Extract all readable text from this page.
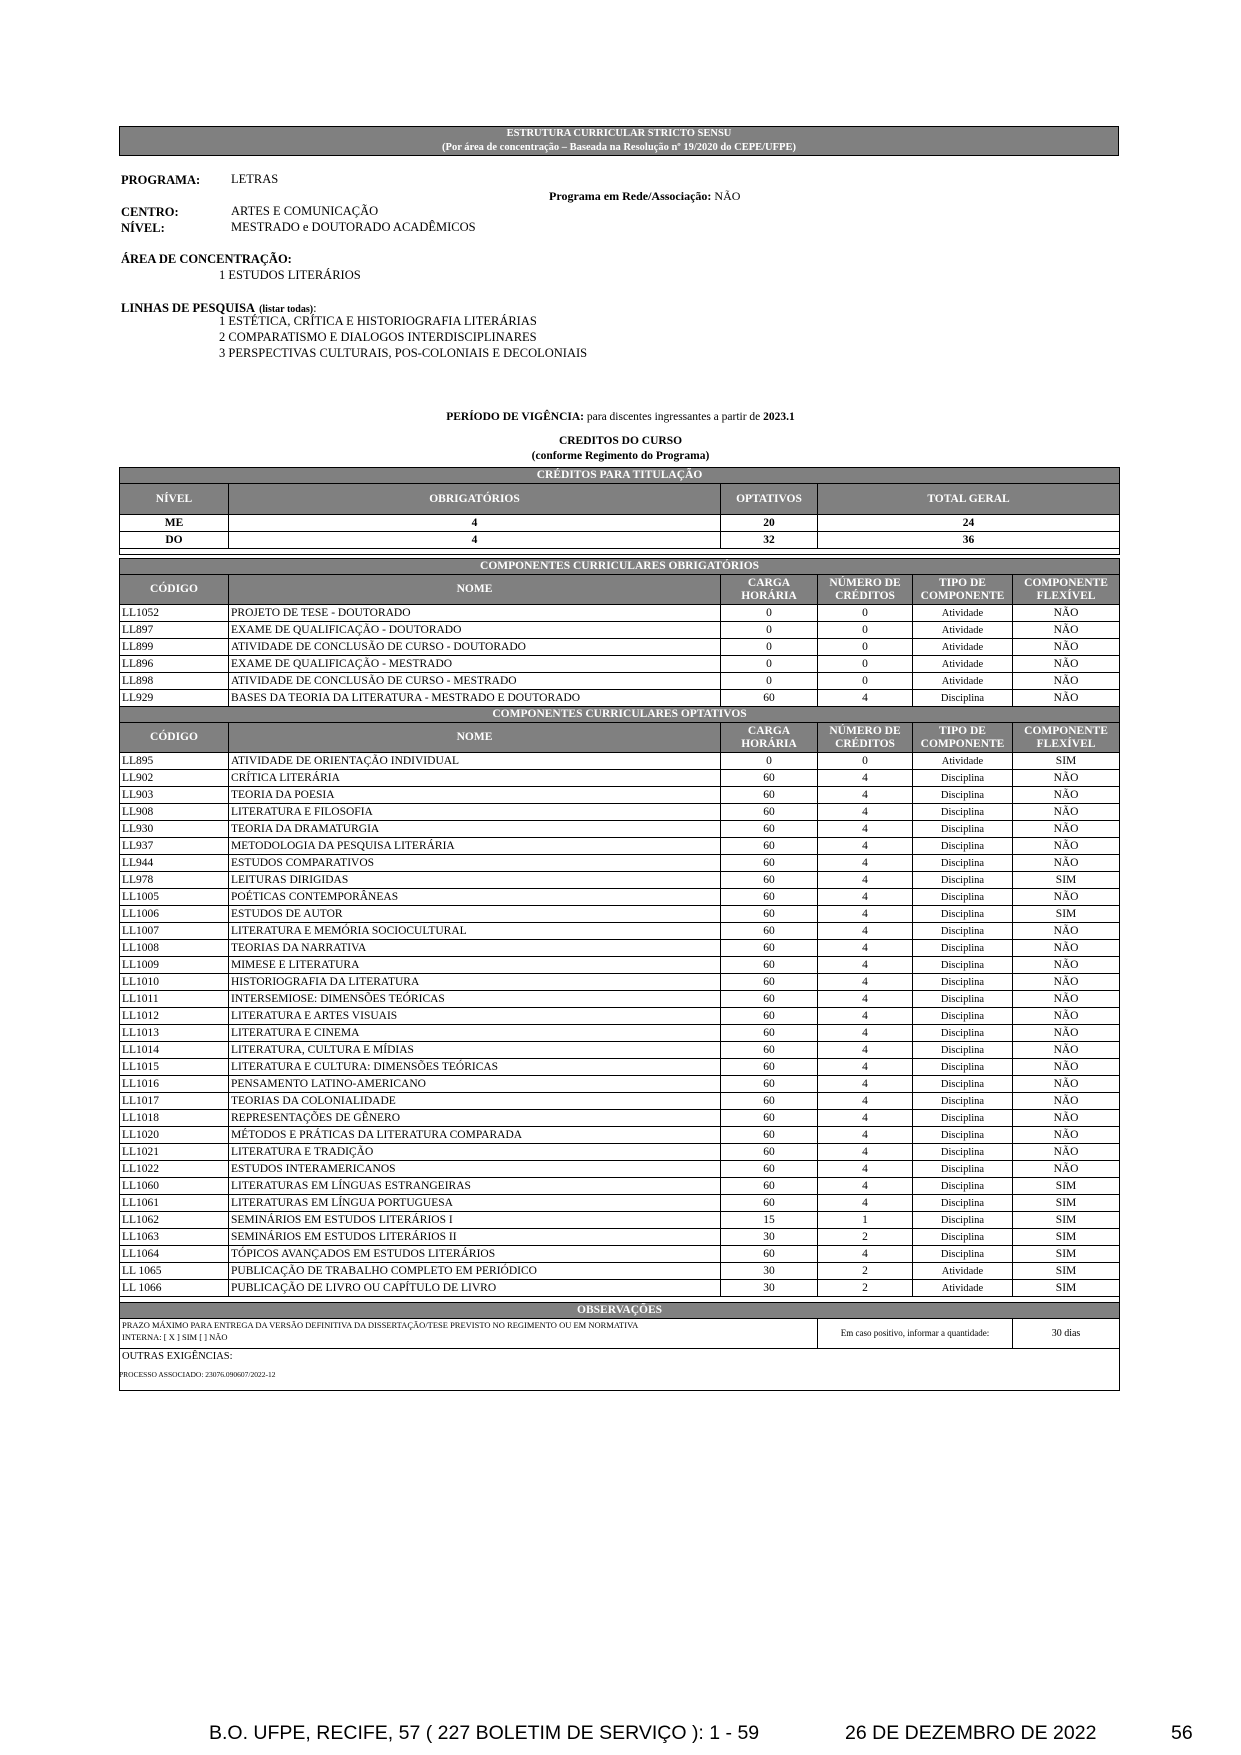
ESTRUTURA CURRICULAR STRICTO SENSU
(Por área de concentração – Baseada na Resolução nº 19/2020 do CEPE/UFPE)
PROGRAMA: LETRAS
Programa em Rede/Associação: NÃO
CENTRO:	ARTES E COMUNICAÇÃO
NÍVEL:	MESTRADO e DOUTORADO ACADÊMICOS
ÁREA DE CONCENTRAÇÃO:
1 ESTUDOS LITERÁRIOS
LINHAS DE PESQUISA (listar todas):
1 ESTÉTICA, CRÍTICA E HISTORIOGRAFIA LITERÁRIAS
2 COMPARATISMO E DIALOGOS INTERDISCIPLINARES
3 PERSPECTIVAS CULTURAIS, POS-COLONIAIS E DECOLONIAIS
PERÍODO DE VIGÊNCIA: para discentes ingressantes a partir de 2023.1
CREDITOS DO CURSO
(conforme Regimento do Programa)
CRÉDITOS PARA TITULAÇÃO			
NÍVEL	OBRIGATÓRIOS	OPTATIVOS	TOTAL GERAL
ME	4	20	24
DO	4	32	36

COMPONENTES CURRICULARES OBRIGATÓRIOS					
CÓDIGO	NOME	CARGA HORÁRIA	NÚMERO DE CRÉDITOS	TIPO DE COMPONENTE	COMPONENTE FLEXÍVEL
LL1052	PROJETO DE TESE - DOUTORADO	0	0	Atividade	NÃO
LL897	EXAME DE QUALIFICAÇÃO - DOUTORADO	0	0	Atividade	NÃO
LL899	ATIVIDADE DE CONCLUSÃO DE CURSO - DOUTORADO	0	0	Atividade	NÃO
LL896	EXAME DE QUALIFICAÇÃO - MESTRADO	0	0	Atividade	NÃO
LL898	ATIVIDADE DE CONCLUSÃO DE CURSO - MESTRADO	0	0	Atividade	NÃO
LL929	BASES DA TEORIA DA LITERATURA - MESTRADO E DOUTORADO	60	4	Disciplina	NÃO
COMPONENTES CURRICULARES OPTATIVOS					
CÓDIGO	NOME	CARGA HORÁRIA	NÚMERO DE CRÉDITOS	TIPO DE COMPONENTE	COMPONENTE FLEXÍVEL
LL895	ATIVIDADE DE ORIENTAÇÃO INDIVIDUAL	0	0	Atividade	SIM
LL902	CRÍTICA LITERÁRIA	60	4	Disciplina	NÃO
LL903	TEORIA DA POESIA	60	4	Disciplina	NÃO
LL908	LITERATURA E FILOSOFIA	60	4	Disciplina	NÃO
LL930	TEORIA DA DRAMATURGIA	60	4	Disciplina	NÃO
LL937	METODOLOGIA DA PESQUISA LITERÁRIA	60	4	Disciplina	NÃO
LL944	ESTUDOS COMPARATIVOS	60	4	Disciplina	NÃO
LL978	LEITURAS DIRIGIDAS	60	4	Disciplina	SIM
LL1005	POÉTICAS CONTEMPORÂNEAS	60	4	Disciplina	NÃO
LL1006	ESTUDOS DE AUTOR	60	4	Disciplina	SIM
LL1007	LITERATURA E MEMÓRIA SOCIOCULTURAL	60	4	Disciplina	NÃO
LL1008	TEORIAS DA NARRATIVA	60	4	Disciplina	NÃO
LL1009	MIMESE E LITERATURA	60	4	Disciplina	NÃO
LL1010	HISTORIOGRAFIA DA LITERATURA	60	4	Disciplina	NÃO
LL1011	INTERSEMIOSE: DIMENSÕES TEÓRICAS	60	4	Disciplina	NÃO
LL1012	LITERATURA E ARTES VISUAIS	60	4	Disciplina	NÃO
LL1013	LITERATURA E CINEMA	60	4	Disciplina	NÃO
LL1014	LITERATURA, CULTURA E MÍDIAS	60	4	Disciplina	NÃO
LL1015	LITERATURA E CULTURA: DIMENSÕES TEÓRICAS	60	4	Disciplina	NÃO
LL1016	PENSAMENTO LATINO-AMERICANO	60	4	Disciplina	NÃO
LL1017	TEORIAS DA COLONIALIDADE	60	4	Disciplina	NÃO
LL1018	REPRESENTAÇÕES DE GÊNERO	60	4	Disciplina	NÃO
LL1020	MÉTODOS E PRÁTICAS DA LITERATURA COMPARADA	60	4	Disciplina	NÃO
LL1021	LITERATURA E TRADIÇÃO	60	4	Disciplina	NÃO
LL1022	ESTUDOS INTERAMERICANOS	60	4	Disciplina	NÃO
LL1060	LITERATURAS EM LÍNGUAS ESTRANGEIRAS	60	4	Disciplina	SIM
LL1061	LITERATURAS EM LÍNGUA PORTUGUESA	60	4	Disciplina	SIM
LL1062	SEMINÁRIOS EM ESTUDOS LITERÁRIOS I	15	1	Disciplina	SIM
LL1063	SEMINÁRIOS EM ESTUDOS LITERÁRIOS II	30	2	Disciplina	SIM
LL1064	TÓPICOS AVANÇADOS EM ESTUDOS LITERÁRIOS	60	4	Disciplina	SIM
LL 1065	PUBLICAÇÃO DE TRABALHO COMPLETO EM PERIÓDICO	30	2	Atividade	SIM
LL 1066	PUBLICAÇÃO DE LIVRO OU CAPÍTULO DE LIVRO	30	2	Atividade	SIM

OBSERVAÇÕES					

PRAZO MÁXIMO PARA ENTREGA DA VERSÃO DEFINITIVA DA DISSERTAÇÃO/TESE PREVISTO NO REGIMENTO OU EM NORMATIVA
INTERNA: [ X ] SIM [ ] NÃO			Em caso positivo, informar a quantidade:		30 dias
OUTRAS EXIGÊNCIAS:					
PROCESSO ASSOCIADO: 23076.090607/2022-12
B.O. UFPE, RECIFE, 57 ( 227 BOLETIM DE SERVIÇO ): 1 - 59	26 DE DEZEMBRO DE 2022	56
